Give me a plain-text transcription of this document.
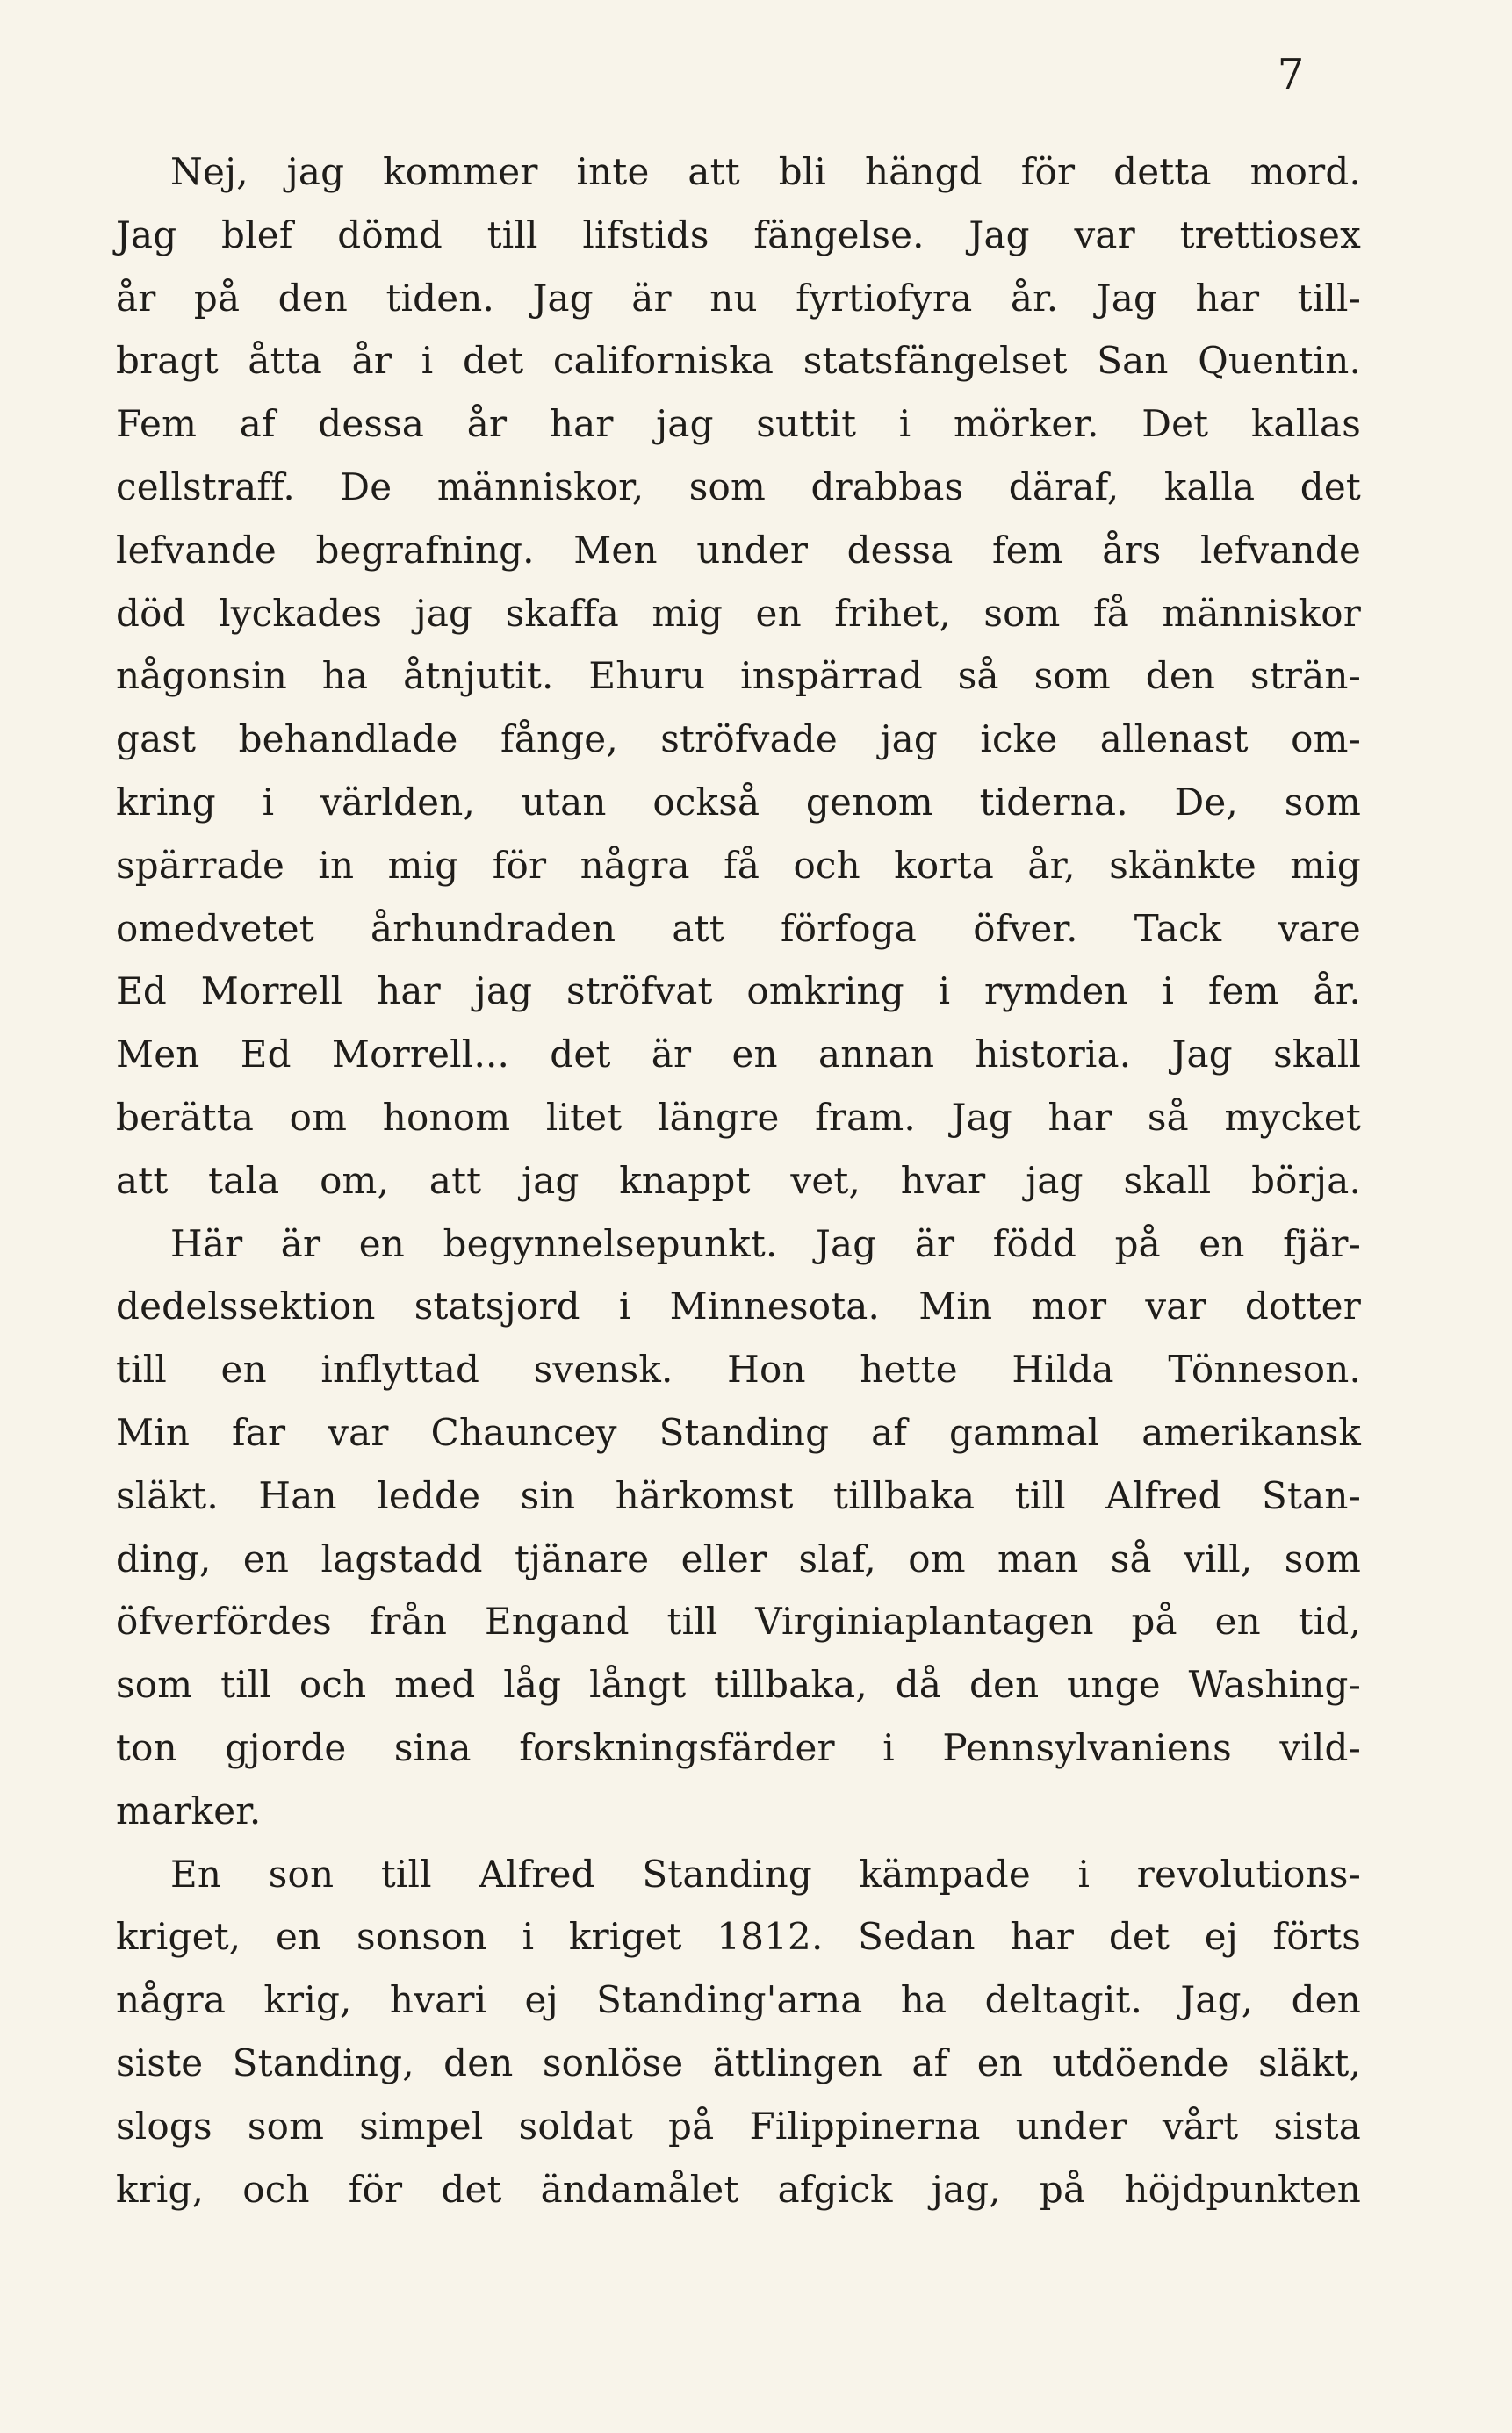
7
Nej, jag kommer inte att bli hängd för detta mord.
Jag blef dömd till lifstids fängelse. Jag var trettiosex
år på den tiden. Jag är nu fyrtiofyra år. Jag har till-
bragt åtta år i det californiska statsfängelset San Quentin.
Fem af dessa år har jag suttit i mörker. Det kallas
cellstraff. De människor, som drabbas däraf, kalla det
lefvande begrafning. Men under dessa fem års lefvande
död lyckades jag skaffa mig en frihet, som få människor
någonsin ha åtnjutit. Ehuru inspärrad så som den strän-
gast behandlade fånge, ströfvade jag icke allenast om-
kring i världen, utan också genom tiderna. De, som
spärrade in mig för några få och korta år, skänkte mig
omedvetet århundraden att förfoga öfver. Tack vare
Ed Morrell har jag ströfvat omkring i rymden i fem år.
Men Ed Morrell... det är en annan historia. Jag skall
berätta om honom litet längre fram. Jag har så mycket
att tala om, att jag knappt vet, hvar jag skall börja.
Här är en begynnelsepunkt. Jag är född på en fjär-
dedelssektion statsjord i Minnesota. Min mor var dotter
till en inflyttad svensk. Hon hette Hilda Tönneson.
Min far var Chauncey Standing af gammal amerikansk
släkt. Han ledde sin härkomst tillbaka till Alfred Stan-
ding, en lagstadd tjänare eller slaf, om man så vill, som
öfverfördes från Engand till Virginiaplantagen på en tid,
som till och med låg långt tillbaka, då den unge Washing-
ton gjorde sina forskningsfärder i Pennsylvaniens vild-
marker.
En son till Alfred Standing kämpade i revolutions-
kriget, en sonson i kriget 1812. Sedan har det ej förts
några krig, hvari ej Standing'arna ha deltagit. Jag, den
siste Standing, den sonlöse ättlingen af en utdöende släkt,
slogs som simpel soldat på Filippinerna under vårt sista
krig, och för det ändamålet afgick jag, på höjdpunkten
